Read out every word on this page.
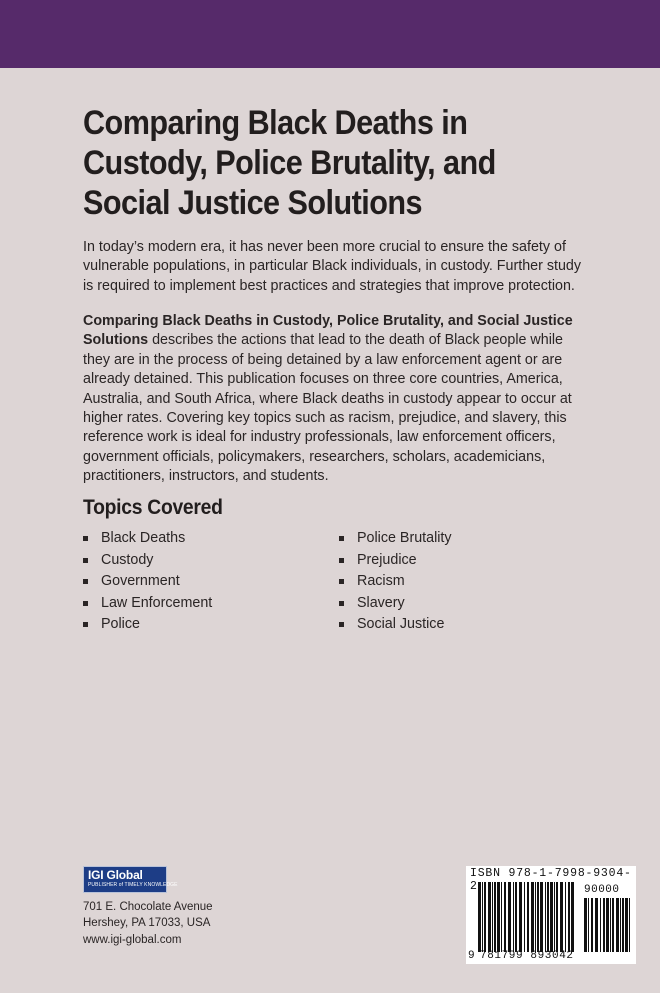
Comparing Black Deaths in Custody, Police Brutality, and Social Justice Solutions

In today’s modern era, it has never been more crucial to ensure the safety of vulnerable populations, in particular Black individuals, in custody. Further study is required to implement best practices and strategies that improve protection.

Comparing Black Deaths in Custody, Police Brutality, and Social Justice Solutions describes the actions that lead to the death of Black people while they are in the process of being detained by a law enforcement agent or are already detained. This publication focuses on three core countries, America, Australia, and South Africa, where Black deaths in custody appear to occur at higher rates. Covering key topics such as racism, prejudice, and slavery, this reference work is ideal for industry professionals, law enforcement officers, government officials, policymakers, researchers, scholars, academicians, practitioners, instructors, and students.

Topics Covered
Black Deaths
Custody
Government
Law Enforcement
Police
Police Brutality
Prejudice
Racism
Slavery
Social Justice
IGI Global
PUBLISHER of TIMELY KNOWLEDGE
701 E. Chocolate Avenue
Hershey, PA 17033, USA
www.igi-global.com
ISBN 978-1-7998-9304-2
9 781799 893042
90000
